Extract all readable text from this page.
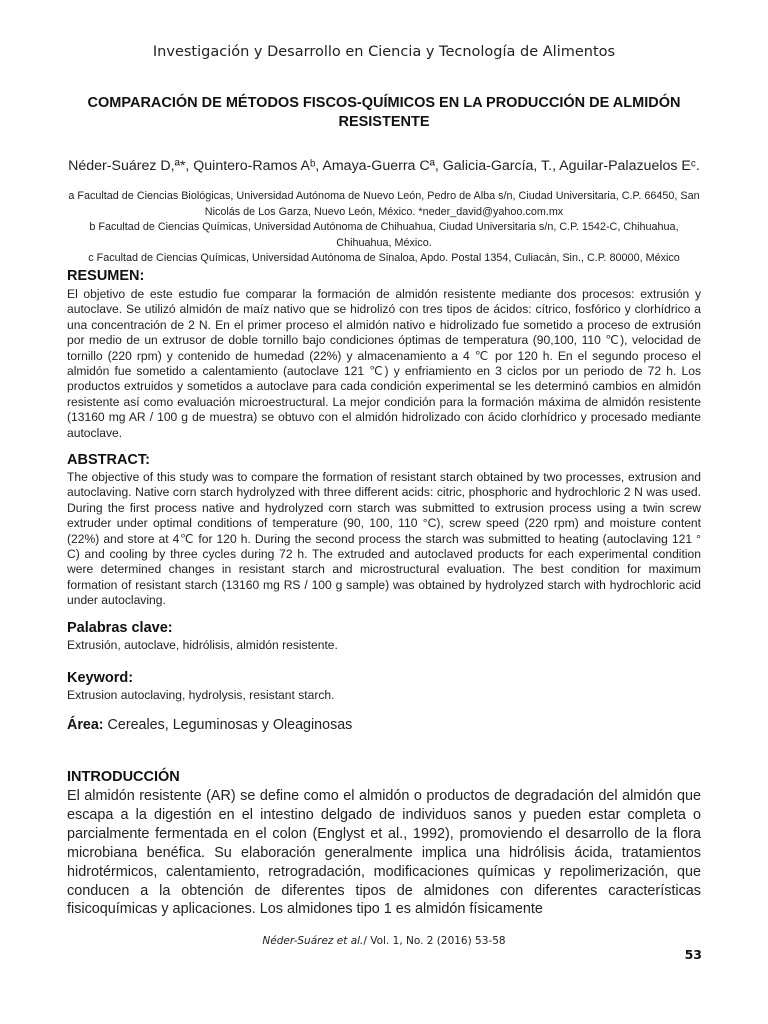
Investigación y Desarrollo en Ciencia y Tecnología de Alimentos
COMPARACIÓN DE MÉTODOS FISCOS-QUÍMICOS EN LA PRODUCCIÓN DE ALMIDÓN RESISTENTE
Néder-Suárez D,ª*, Quintero-Ramos Aᵇ, Amaya-Guerra Cª, Galicia-García, T., Aguilar-Palazuelos Eᶜ.
a Facultad de Ciencias Biológicas, Universidad Autónoma de Nuevo León, Pedro de Alba s/n, Ciudad Universitaria, C.P. 66450, San Nicolás de Los Garza, Nuevo León, México. *neder_david@yahoo.com.mx
b Facultad de Ciencias Químicas, Universidad Autónoma de Chihuahua, Ciudad Universitaria s/n, C.P. 1542-C, Chihuahua, Chihuahua, México.
c Facultad de Ciencias Químicas, Universidad Autónoma de Sinaloa, Apdo. Postal 1354, Culiacán, Sin., C.P. 80000, México
RESUMEN:

El objetivo de este estudio fue comparar la formación de almidón resistente mediante dos procesos: extrusión y autoclave. Se utilizó almidón de maíz nativo que se hidrolizó con tres tipos de ácidos: cítrico, fosfórico y clorhídrico a una concentración de 2 N. En el primer proceso el almidón nativo e hidrolizado fue sometido a proceso de extrusión por medio de un extrusor de doble tornillo bajo condiciones óptimas de temperatura (90,100, 110 ℃), velocidad de tornillo (220 rpm) y contenido de humedad (22%) y almacenamiento a 4 ℃ por 120 h. En el segundo proceso el almidón fue sometido a calentamiento (autoclave 121 ℃) y enfriamiento en 3 ciclos por un periodo de 72 h. Los productos extruidos y sometidos a autoclave para cada condición experimental se les determinó cambios en almidón resistente así como evaluación microestructural. La mejor condición para la formación máxima de almidón resistente (13160 mg AR / 100 g de muestra) se obtuvo con el almidón hidrolizado con ácido clorhídrico y procesado mediante autoclave.

ABSTRACT:

The objective of this study was to compare the formation of resistant starch obtained by two processes, extrusion and autoclaving. Native corn starch hydrolyzed with three different acids: citric, phosphoric and hydrochloric 2 N was used. During the first process native and hydrolyzed corn starch was submitted to extrusion process using a twin screw extruder under optimal conditions of temperature (90, 100, 110 °C), screw speed (220 rpm) and moisture content (22%) and store at 4℃ for 120 h. During the second process the starch was submitted to heating (autoclaving 121 ° C) and cooling by three cycles during 72 h. The extruded and autoclaved products for each experimental condition were determined changes in resistant starch and microstructural evaluation. The best condition for maximum formation of resistant starch (13160 mg RS / 100 g sample) was obtained by hydrolyzed starch with hydrochloric acid under autoclaving.

Palabras clave:

Extrusión, autoclave, hidrólisis, almidón resistente.

Keyword:

Extrusion autoclaving, hydrolysis, resistant starch.

Área: Cereales, Leguminosas y Oleaginosas
INTRODUCCIÓN

El almidón resistente (AR) se define como el almidón o productos de degradación del almidón que escapa a la digestión en el intestino delgado de individuos sanos y pueden estar completa o parcialmente fermentada en el colon (Englyst et al., 1992), promoviendo el desarrollo de la flora microbiana benéfica. Su elaboración generalmente implica una hidrólisis ácida, tratamientos hidrotérmicos, calentamiento, retrogradación, modificaciones químicas y repolimerización, que conducen a la obtención de diferentes tipos de almidones con diferentes características fisicoquímicas y aplicaciones. Los almidones tipo 1 es almidón físicamente

Néder-Suárez et al./ Vol. 1, No. 2 (2016) 53-58
53
